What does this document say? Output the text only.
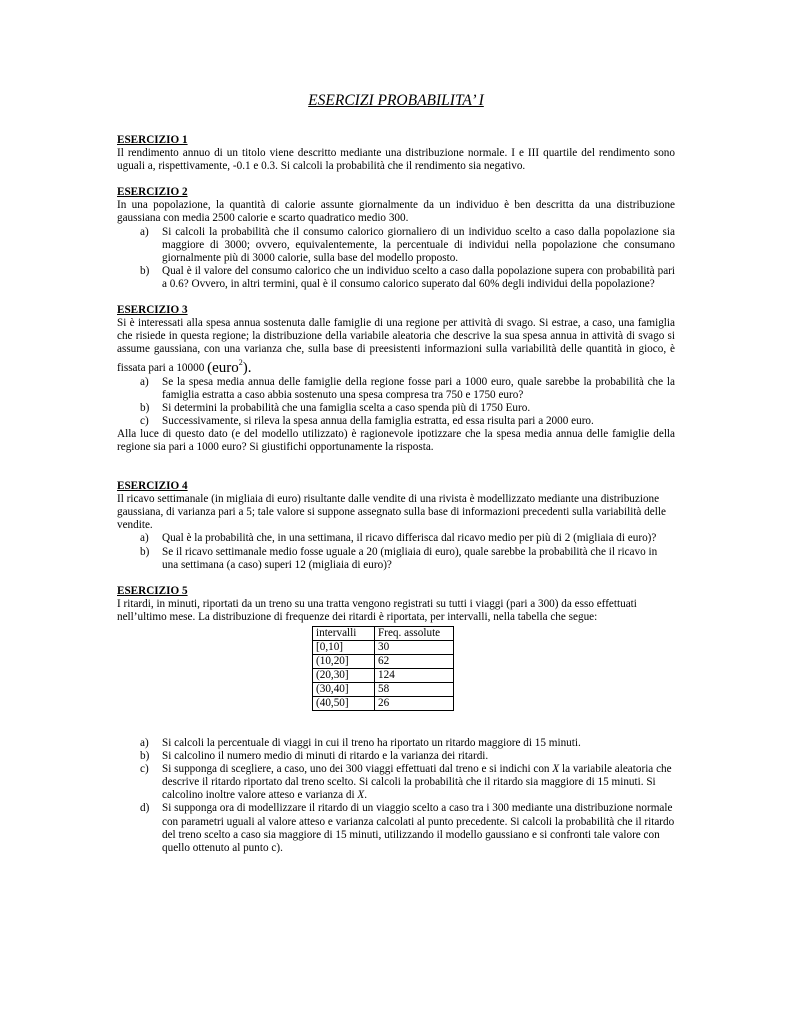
ESERCIZI PROBABILITA’ I
ESERCIZIO 1

Il rendimento annuo di un titolo viene descritto mediante una distribuzione normale. I e III quartile del rendimento sono uguali a, rispettivamente, -0.1 e 0.3. Si calcoli la probabilità che il rendimento sia negativo.

ESERCIZIO 2

In una popolazione, la quantità di calorie assunte giornalmente da un individuo è ben descritta da una distribuzione gaussiana con media 2500 calorie e scarto quadratico medio 300.

a) Si calcoli la probabilità che il consumo calorico giornaliero di un individuo scelto a caso dalla popolazione sia maggiore di 3000; ovvero, equivalentemente, la percentuale di individui nella popolazione che consumano giornalmente più di 3000 calorie, sulla base del modello proposto.
b) Qual è il valore del consumo calorico che un individuo scelto a caso dalla popolazione supera con probabilità pari a 0.6? Ovvero, in altri termini, qual è il consumo calorico superato dal 60% degli individui della popolazione?
ESERCIZIO 3

Si è interessati alla spesa annua sostenuta dalle famiglie di una regione per attività di svago. Si estrae, a caso, una famiglia che risiede in questa regione; la distribuzione della variabile aleatoria che descrive la sua spesa annua in attività di svago si assume gaussiana, con una varianza che, sulla base di preesistenti informazioni sulla variabilità delle quantità in gioco, è fissata pari a 10000 (euro$^2$).

a) Se la spesa media annua delle famiglie della regione fosse pari a 1000 euro, quale sarebbe la probabilità che la famiglia estratta a caso abbia sostenuto una spesa compresa tra 750 e 1750 euro?
b) Si determini la probabilità che una famiglia scelta a caso spenda più di 1750 Euro.
c) Successivamente, si rileva la spesa annua della famiglia estratta, ed essa risulta pari a 2000 euro.

Alla luce di questo dato (e del modello utilizzato) è ragionevole ipotizzare che la spesa media annua delle famiglie della regione sia pari a 1000 euro? Si giustifichi opportunamente la risposta.

ESERCIZIO 4

Il ricavo settimanale (in migliaia di euro) risultante dalle vendite di una rivista è modellizzato mediante una distribuzione gaussiana, di varianza pari a 5; tale valore si suppone assegnato sulla base di informazioni precedenti sulla variabilità delle vendite.

a) Qual è la probabilità che, in una settimana, il ricavo differisca dal ricavo medio per più di 2 (migliaia di euro)?
b) Se il ricavo settimanale medio fosse uguale a 20 (migliaia di euro), quale sarebbe la probabilità che il ricavo in una settimana (a caso) superi 12 (migliaia di euro)?
ESERCIZIO 5

I ritardi, in minuti, riportati da un treno su una tratta vengono registrati su tutti i viaggi (pari a 300) da esso effettuati nell’ultimo mese. La distribuzione di frequenze dei ritardi è riportata, per intervalli, nella tabella che segue:

intervalli	Freq. assolute
[0,10]	30
(10,20]	62
(20,30]	124
(30,40]	58
(40,50]	26
a) Si calcoli la percentuale di viaggi in cui il treno ha riportato un ritardo maggiore di 15 minuti.
b) Si calcolino il numero medio di minuti di ritardo e la varianza dei ritardi.
c) Si supponga di scegliere, a caso, uno dei 300 viaggi effettuati dal treno e si indichi con X la variabile aleatoria che descrive il ritardo riportato dal treno scelto. Si calcoli la probabilità che il ritardo sia maggiore di 15 minuti. Si calcolino inoltre valore atteso e varianza di X.
d) Si supponga ora di modellizzare il ritardo di un viaggio scelto a caso tra i 300 mediante una distribuzione normale con parametri uguali al valore atteso e varianza calcolati al punto precedente. Si calcoli la probabilità che il ritardo del treno scelto a caso sia maggiore di 15 minuti, utilizzando il modello gaussiano e si confronti tale valore con quello ottenuto al punto c).
